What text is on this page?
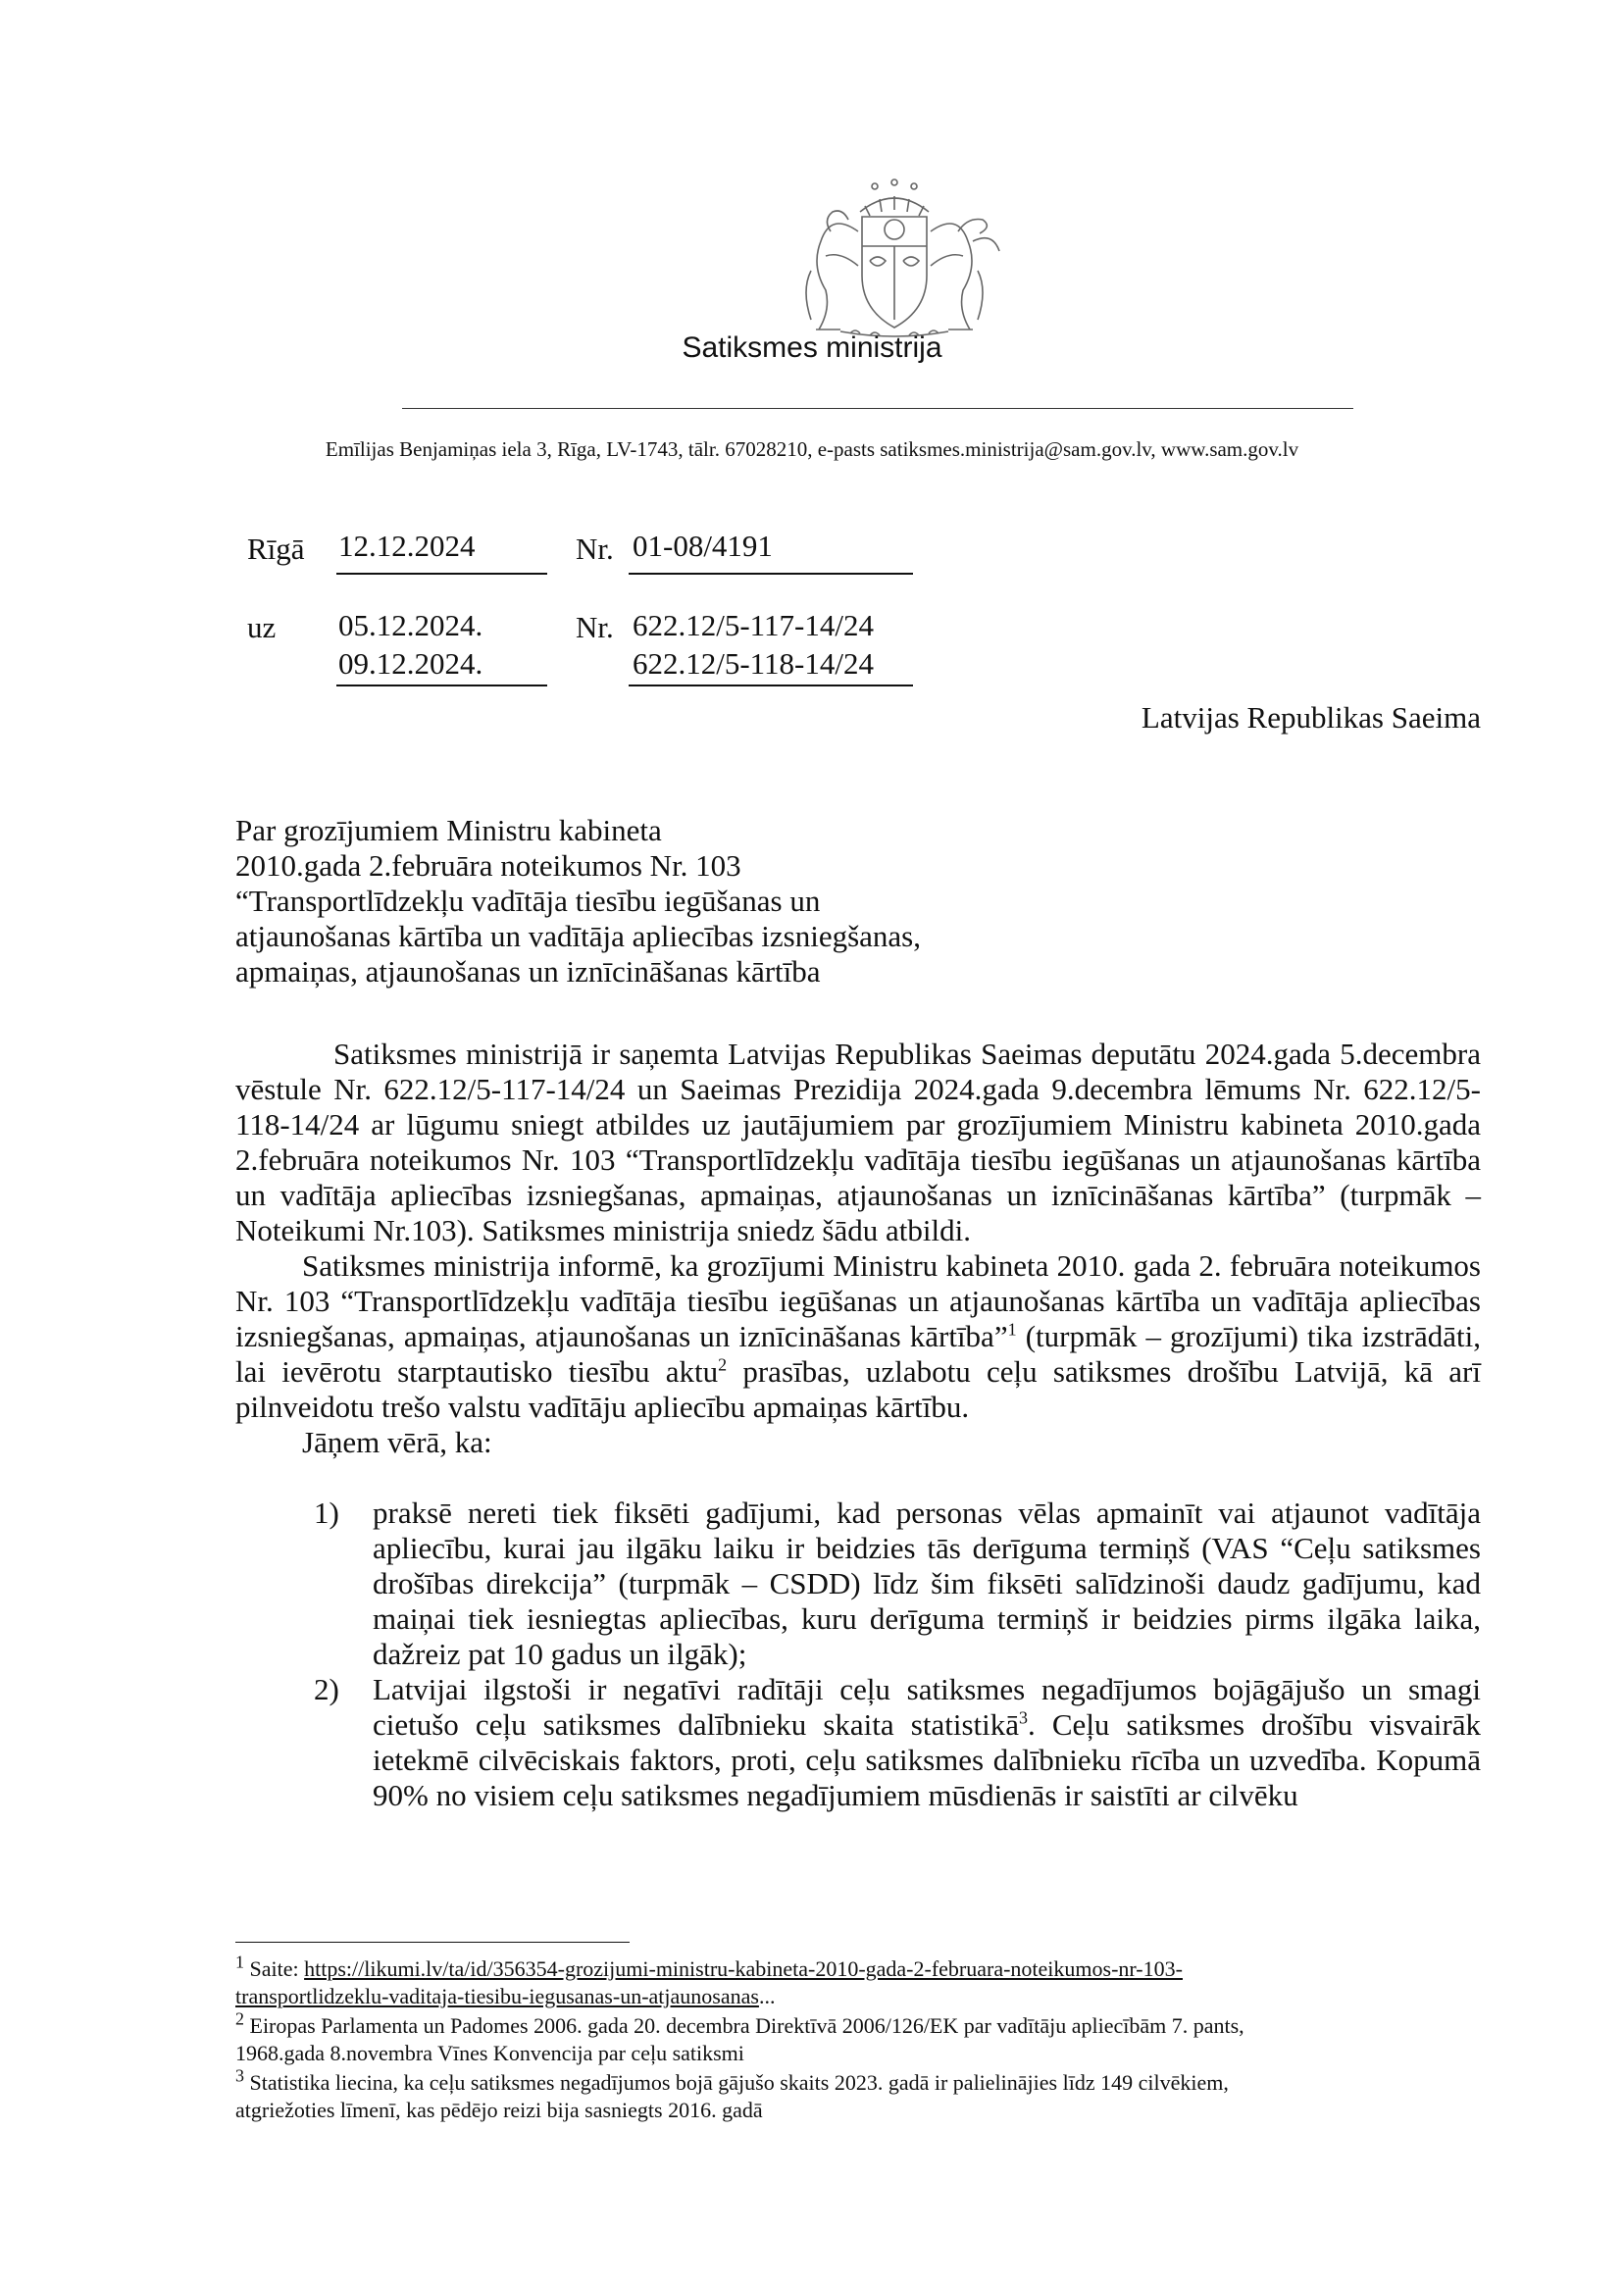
Satiksmes ministrija
Emīlijas Benjamiņas iela 3, Rīga, LV-1743, tālr. 67028210, e-pasts satiksmes.ministrija@sam.gov.lv, www.sam.gov.lv
Rīgā 12.12.2024	Nr. 01-08/4191
uz 05.12.2024.
09.12.2024.
Nr. 622.12/5-117-14/24
622.12/5-118-14/24
Latvijas Republikas Saeima
Par grozījumiem Ministru kabineta
2010.gada 2.februāra noteikumos Nr. 103
“Transportlīdzekļu vadītāja tiesību iegūšanas un
atjaunošanas kārtība un vadītāja apliecības izsniegšanas,
apmaiņas, atjaunošanas un iznīcināšanas kārtība

Satiksmes ministrijā ir saņemta Latvijas Republikas Saeimas deputātu 2024.gada 5.decembra vēstule Nr. 622.12/5-117-14/24 un Saeimas Prezidija 2024.gada 9.decembra lēmums Nr. 622.12/5-118-14/24 ar lūgumu sniegt atbildes uz jautājumiem par grozījumiem Ministru kabineta 2010.gada 2.februāra noteikumos Nr. 103 “Transportlīdzekļu vadītāja tiesību iegūšanas un atjaunošanas kārtība un vadītāja apliecības izsniegšanas, apmaiņas, atjaunošanas un iznīcināšanas kārtība” (turpmāk – Noteikumi Nr.103). Satiksmes ministrija sniedz šādu atbildi.

Satiksmes ministrija informē, ka grozījumi Ministru kabineta 2010. gada 2. februāra noteikumos Nr. 103 “Transportlīdzekļu vadītāja tiesību iegūšanas un atjaunošanas kārtība un vadītāja apliecības izsniegšanas, apmaiņas, atjaunošanas un iznīcināšanas kārtība”$^1$ (turpmāk – grozījumi) tika izstrādāti, lai ievērotu starptautisko tiesību aktu$^2$ prasības, uzlabotu ceļu satiksmes drošību Latvijā, kā arī pilnveidotu trešo valstu vadītāju apliecību apmaiņas kārtību.

Jāņem vērā, ka:

1) praksē nereti tiek fiksēti gadījumi, kad personas vēlas apmainīt vai atjaunot vadītāja apliecību, kurai jau ilgāku laiku ir beidzies tās derīguma termiņš (VAS “Ceļu satiksmes drošības direkcija” (turpmāk – CSDD) līdz šim fiksēti salīdzinoši daudz gadījumu, kad maiņai tiek iesniegtas apliecības, kuru derīguma termiņš ir beidzies pirms ilgāka laika, dažreiz pat 10 gadus un ilgāk);
2) Latvijai ilgstoši ir negatīvi radītāji ceļu satiksmes negadījumos bojāgājušo un smagi cietušo ceļu satiksmes dalībnieku skaita statistikā$^3$. Ceļu satiksmes drošību visvairāk ietekmē cilvēciskais faktors, proti, ceļu satiksmes dalībnieku rīcība un uzvedība. Kopumā 90% no visiem ceļu satiksmes negadījumiem mūsdienās ir saistīti ar cilvēku
$^1$ Saite: https://likumi.lv/ta/id/356354-grozijumi-ministru-kabineta-2010-gada-2-februara-noteikumos-nr-103-
transportlidzeklu-vaditaja-tiesibu-iegusanas-un-atjaunosanas...
$^2$ Eiropas Parlamenta un Padomes 2006. gada 20. decembra Direktīvā 2006/126/EK par vadītāju apliecībām 7. pants,
1968.gada 8.novembra Vīnes Konvencija par ceļu satiksmi
$^3$ Statistika liecina, ka ceļu satiksmes negadījumos bojā gājušo skaits 2023. gadā ir palielinājies līdz 149 cilvēkiem,
atgriežoties līmenī, kas pēdējo reizi bija sasniegts 2016. gadā
